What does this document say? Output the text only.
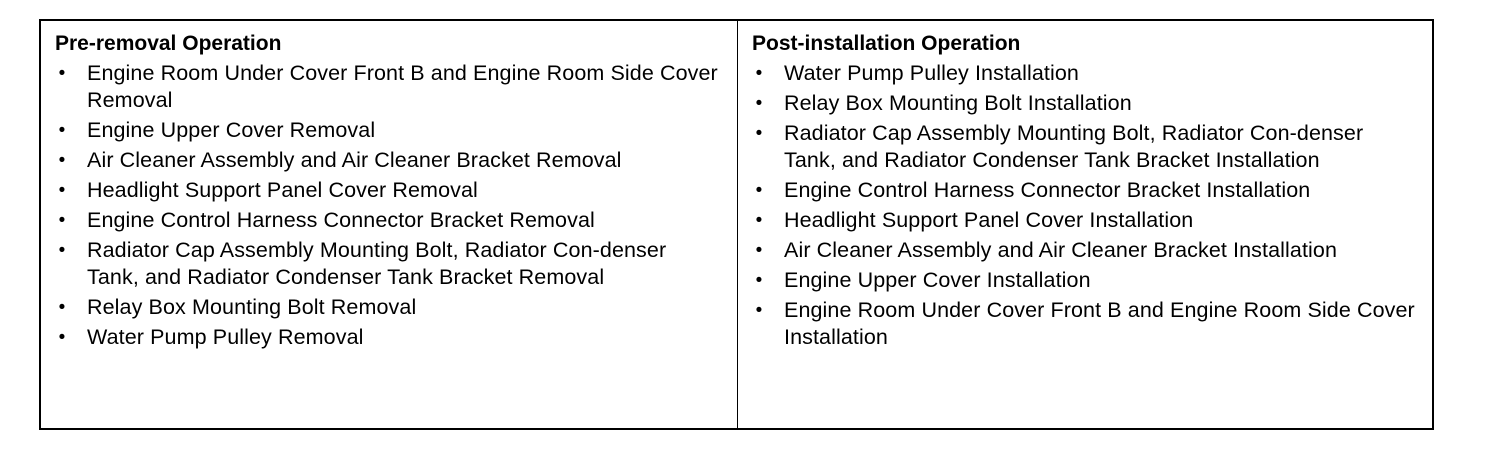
Pre-removal Operation
• Engine Room Under Cover Front B and Engine Room Side Cover Removal
• Engine Upper Cover Removal
• Air Cleaner Assembly and Air Cleaner Bracket Removal
• Headlight Support Panel Cover Removal
• Engine Control Harness Connector Bracket Removal
• Radiator Cap Assembly Mounting Bolt, Radiator Con-denser Tank, and Radiator Condenser Tank Bracket Removal
• Relay Box Mounting Bolt Removal
• Water Pump Pulley Removal
Post-installation Operation
• Water Pump Pulley Installation
• Relay Box Mounting Bolt Installation
• Radiator Cap Assembly Mounting Bolt, Radiator Con-denser Tank, and Radiator Condenser Tank Bracket Installation
• Engine Control Harness Connector Bracket Installation
• Headlight Support Panel Cover Installation
• Air Cleaner Assembly and Air Cleaner Bracket Installation
• Engine Upper Cover Installation
• Engine Room Under Cover Front B and Engine Room Side Cover Installation
